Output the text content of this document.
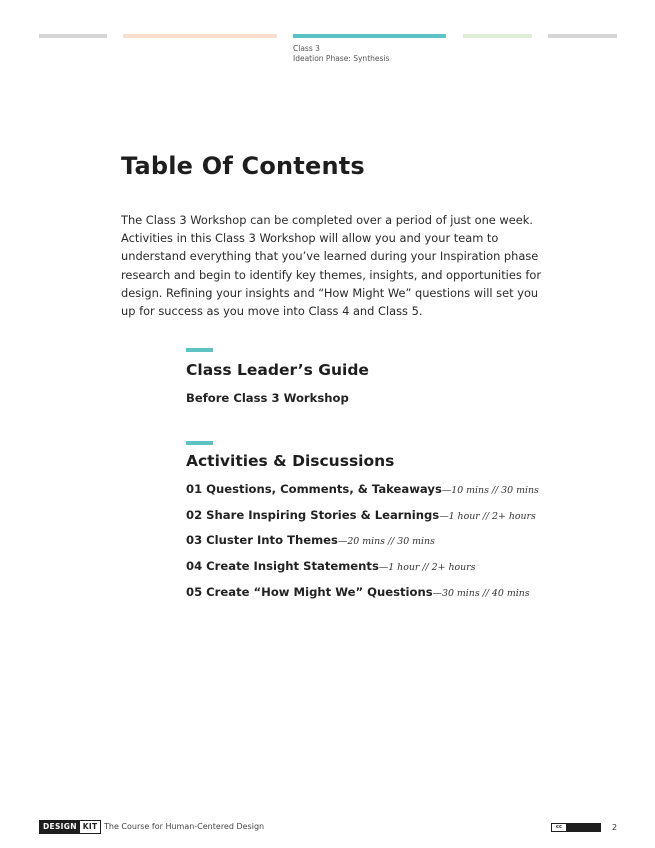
Class 3
Ideation Phase: Synthesis
Table Of Contents

The Class 3 Workshop can be completed over a period of just one week. Activities in this Class 3 Workshop will allow you and your team to understand everything that you’ve learned during your Inspiration phase research and begin to identify key themes, insights, and opportunities for design. Refining your insights and “How Might We” questions will set you up for success as you move into Class 4 and Class 5.

Class Leader’s Guide
Before Class 3 Workshop
Activities & Discussions
01 Questions, Comments, & Takeaways—10 mins // 30 mins
02 Share Inspiring Stories & Learnings—1 hour // 2+ hours
03 Cluster Into Themes—20 mins // 30 mins
04 Create Insight Statements—1 hour // 2+ hours
05 Create “How Might We” Questions—30 mins // 40 mins
DESIGN KIT The Course for Human-Centered Design	cc	2
